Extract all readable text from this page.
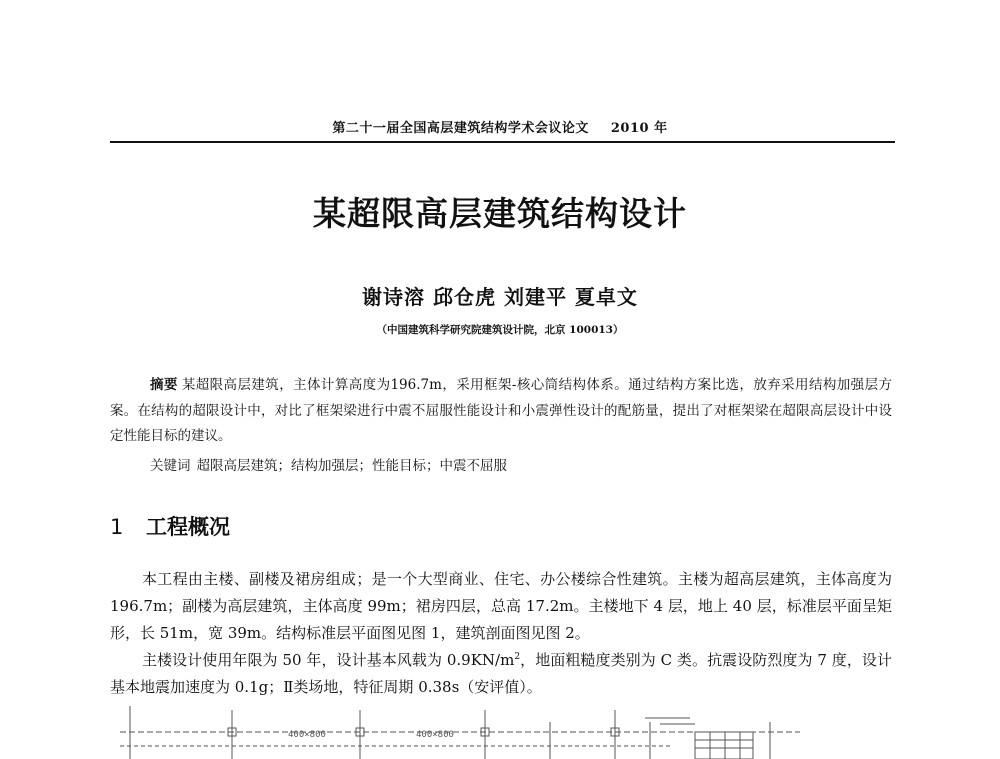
第二十一届全国高层建筑结构学术会议论文 2010 年
某超限高层建筑结构设计
谢诗溶 邱仓虎 刘建平 夏卓文
（中国建筑科学研究院建筑设计院，北京 100013）
摘要 某超限高层建筑，主体计算高度为196.7m，采用框架-核心筒结构体系。通过结构方案比选，放弃采用结构加强层方案。在结构的超限设计中，对比了框架梁进行中震不屈服性能设计和小震弹性设计的配筋量，提出了对框架梁在超限高层设计中设定性能目标的建议。
关键词 超限高层建筑；结构加强层；性能目标；中震不屈服
1 工程概况

本工程由主楼、副楼及裙房组成；是一个大型商业、住宅、办公楼综合性建筑。主楼为超高层建筑，主体高度为 196.7m；副楼为高层建筑，主体高度 99m；裙房四层，总高 17.2m。主楼地下 4 层，地上 40 层，标准层平面呈矩形，长 51m，宽 39m。结构标准层平面图见图 1，建筑剖面图见图 2。

主楼设计使用年限为 50 年，设计基本风载为 $0.9KN/m^2$，地面粗糙度类别为 C 类。抗震设防烈度为 7 度，设计基本地震加速度为 0.1g；Ⅱ类场地，特征周期 0.38s（安评值）。

400×800	400×800
